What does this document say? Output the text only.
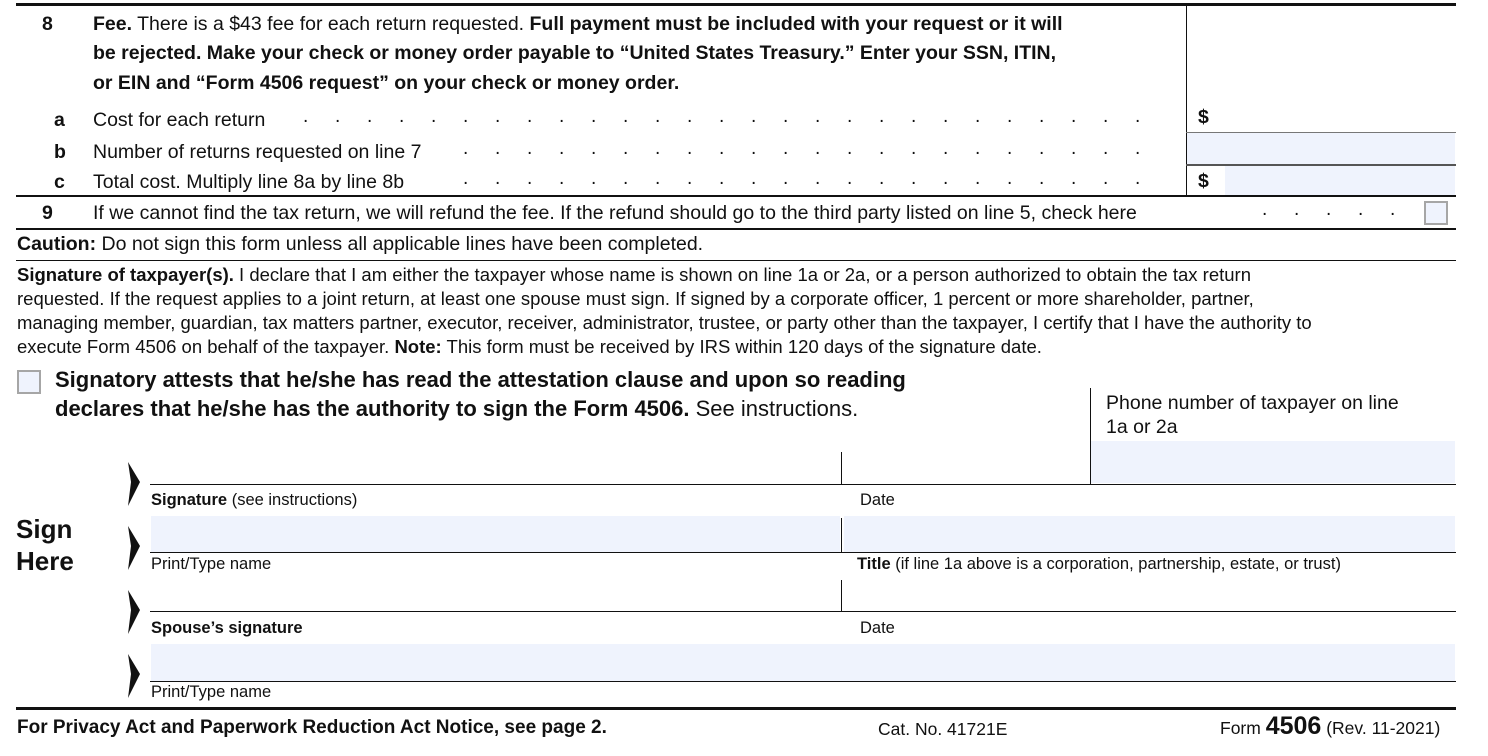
8 Fee. There is a $43 fee for each return requested. Full payment must be included with your request or it will
be rejected. Make your check or money order payable to “United States Treasury.” Enter your SSN, ITIN,
or EIN and “Form 4506 request” on your check or money order.
a Cost for each return . . . . . . . . . . . . . . . . . . . . . . . . . . .	$
b Number of returns requested on line 7 . . . . . . . . . . . . . . . . . . . . . .
c Total cost. Multiply line 8a by line 8b	. . . . . . . . . . . . . . . . . . . . . .	$
9 If we cannot find the tax return, we will refund the fee. If the refund should go to the third party listed on line 5, check here	. . . . .
Caution: Do not sign this form unless all applicable lines have been completed.
Signature of taxpayer(s). I declare that I am either the taxpayer whose name is shown on line 1a or 2a, or a person authorized to obtain the tax return
requested. If the request applies to a joint return, at least one spouse must sign. If signed by a corporate officer, 1 percent or more shareholder, partner,
managing member, guardian, tax matters partner, executor, receiver, administrator, trustee, or party other than the taxpayer, I certify that I have the authority to
execute Form 4506 on behalf of the taxpayer. Note: This form must be received by IRS within 120 days of the signature date.
Signatory attests that he/she has read the attestation clause and upon so reading
declares that he/she has the authority to sign the Form 4506. See instructions.	Phone number of taxpayer on line
1a or 2a
Sign
Here
Signature (see instructions)	Date
Print/Type name	Title (if line 1a above is a corporation, partnership, estate, or trust)
Spouse’s signature	Date
Print/Type name
For Privacy Act and Paperwork Reduction Act Notice, see page 2.	Cat. No. 41721E	Form 4506 (Rev. 11-2021)
